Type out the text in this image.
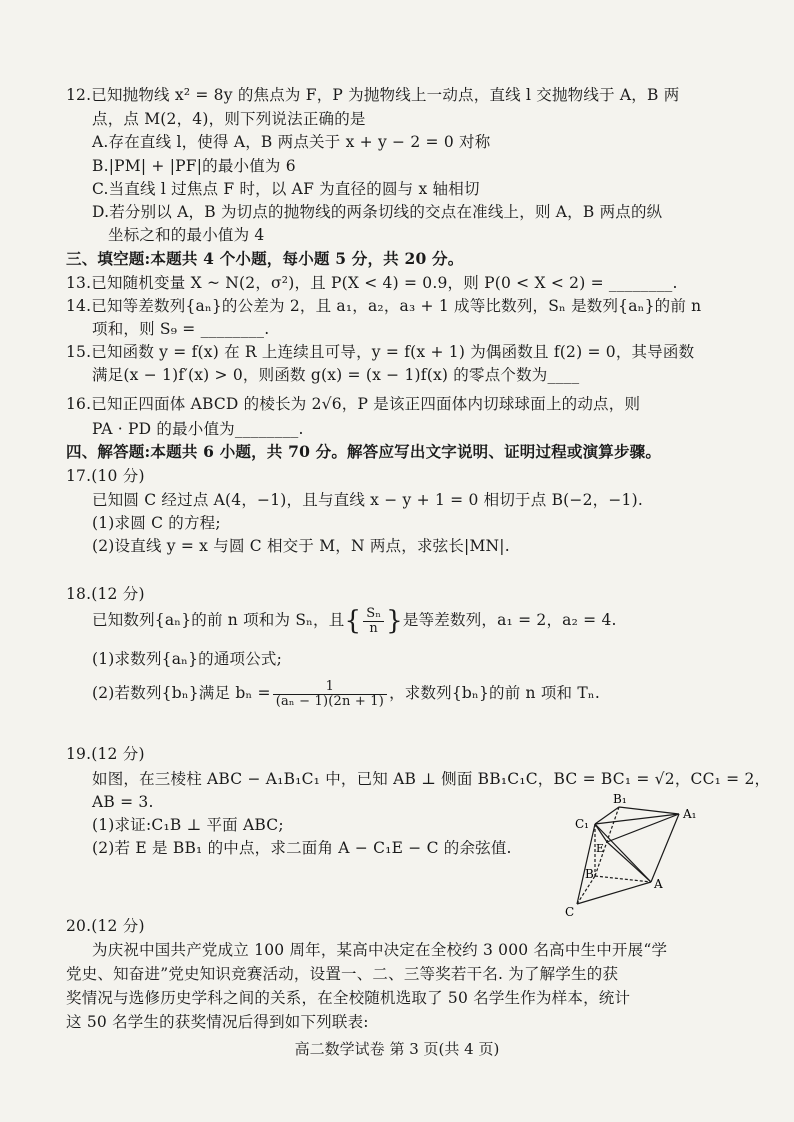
12.已知抛物线 x² = 8y 的焦点为 F，P 为抛物线上一动点，直线 l 交抛物线于 A，B 两
点，点 M(2，4)，则下列说法正确的是
A.存在直线 l，使得 A，B 两点关于 x + y − 2 = 0 对称
B.|PM| + |PF|的最小值为 6
C.当直线 l 过焦点 F 时，以 AF 为直径的圆与 x 轴相切
D.若分别以 A，B 为切点的抛物线的两条切线的交点在准线上，则 A，B 两点的纵
坐标之和的最小值为 4
三、填空题:本题共 4 个小题，每小题 5 分，共 20 分。
13.已知随机变量 X ~ N(2，σ²)，且 P(X < 4) = 0.9，则 P(0 < X < 2) = ________.
14.已知等差数列{aₙ}的公差为 2，且 a₁，a₂，a₃ + 1 成等比数列，Sₙ 是数列{aₙ}的前 n
项和，则 S₉ = ________.
15.已知函数 y = f(x) 在 R 上连续且可导，y = f(x + 1) 为偶函数且 f(2) = 0，其导函数
满足(x − 1)f′(x) > 0，则函数 g(x) = (x − 1)f(x) 的零点个数为____
16.已知正四面体 ABCD 的棱长为 2√6，P 是该正四面体内切球球面上的动点，则
PA · PD 的最小值为________.
四、解答题:本题共 6 小题，共 70 分。解答应写出文字说明、证明过程或演算步骤。
17.(10 分)
已知圆 C 经过点 A(4，−1)，且与直线 x − y + 1 = 0 相切于点 B(−2，−1).
(1)求圆 C 的方程;
(2)设直线 y = x 与圆 C 相交于 M，N 两点，求弦长|MN|.
18.(12 分)
已知数列{aₙ}的前 n 项和为 Sₙ，且{ $\frac{\text{Sₙ}}{n}$ }是等差数列，a₁ = 2，a₂ = 4.
(1)求数列{aₙ}的通项公式;
(2)若数列{bₙ}满足 $b_n = \frac{1}{\text{(aₙ − 1)(2n + 1)}}$ ，求数列{bₙ}的前 n 项和 Tₙ.
19.(12 分)
如图，在三棱柱 ABC − A₁B₁C₁ 中，已知 AB ⊥ 侧面 BB₁C₁C，BC = BC₁ = √2，CC₁ = 2，
AB = 3.
(1)求证:C₁B ⊥ 平面 ABC;
(2)若 E 是 BB₁ 的中点，求二面角 A − C₁E − C 的余弦值.
B₁
C₁
A₁
E
B
A
C
20.(12 分)
为庆祝中国共产党成立 100 周年，某高中决定在全校约 3 000 名高中生中开展“学
党史、知奋进”党史知识竞赛活动，设置一、二、三等奖若干名. 为了解学生的获
奖情况与选修历史学科之间的关系，在全校随机选取了 50 名学生作为样本，统计
这 50 名学生的获奖情况后得到如下列联表:
高二数学试卷 第 3 页(共 4 页)
